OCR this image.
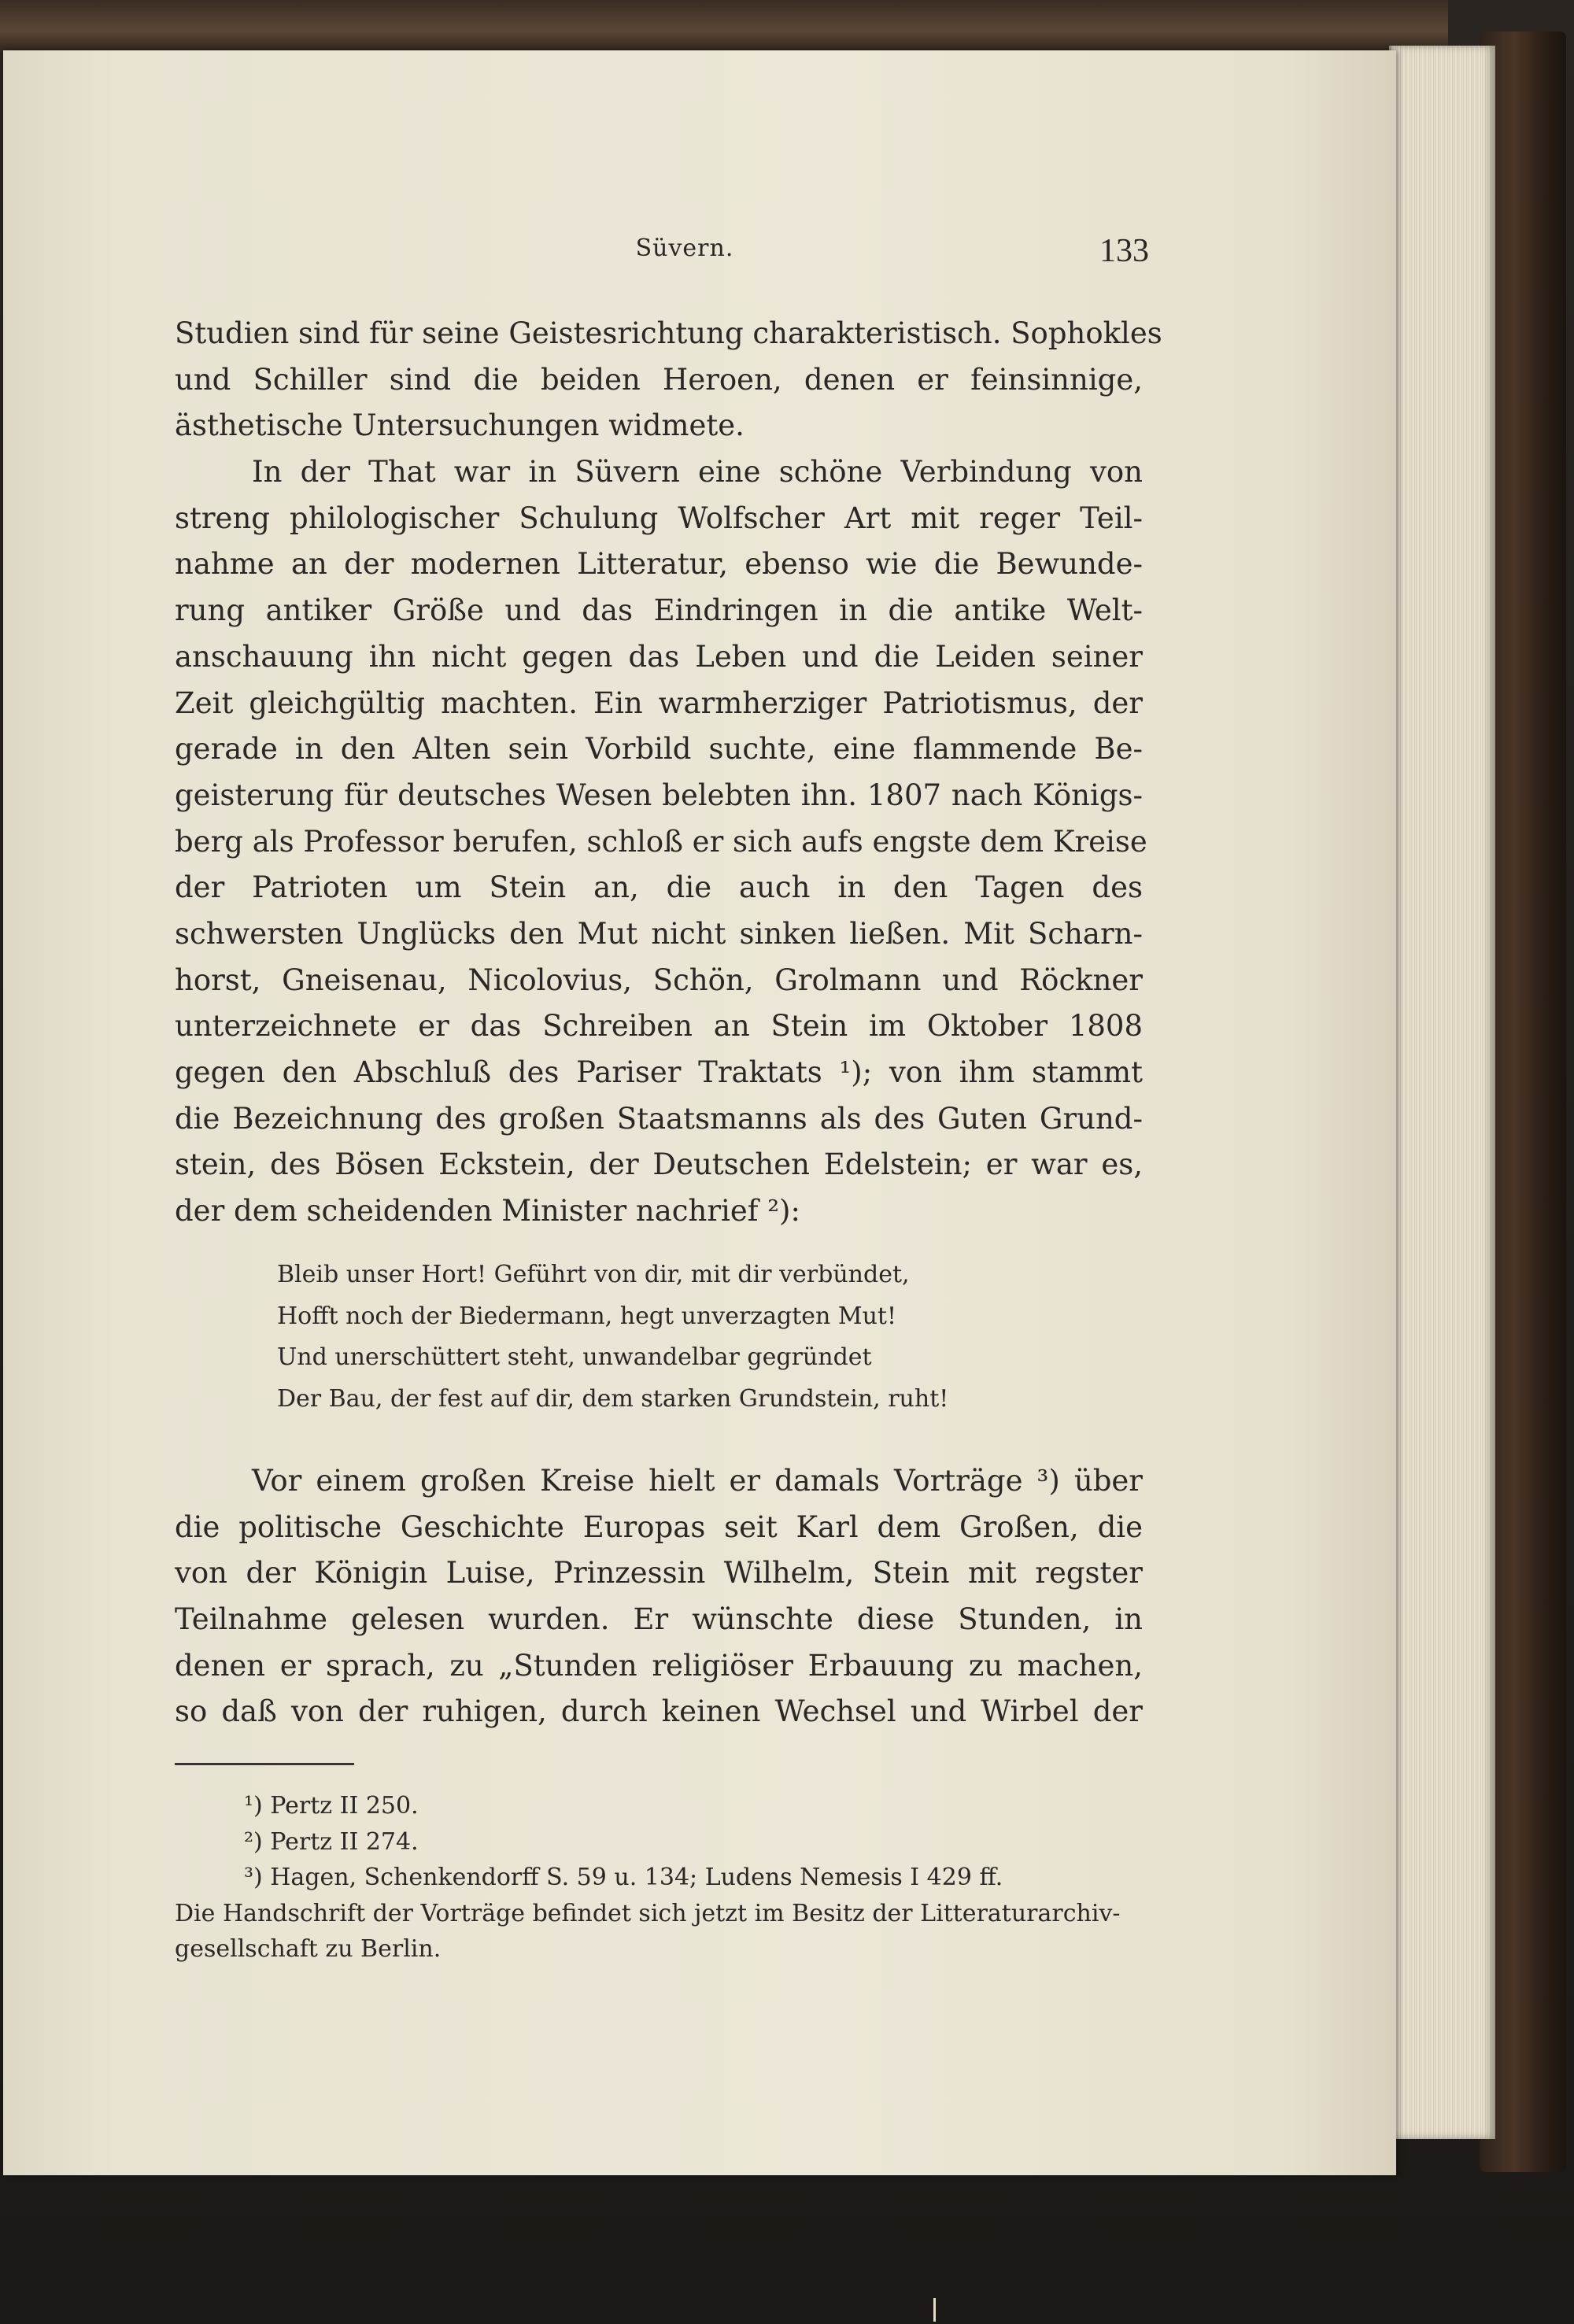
Süvern.	133
Studien sind für seine Geistesrichtung charakteristisch. Sophokles
und Schiller sind die beiden Heroen, denen er feinsinnige,
ästhetische Untersuchungen widmete.
In der That war in Süvern eine schöne Verbindung von
streng philologischer Schulung Wolfscher Art mit reger Teil-
nahme an der modernen Litteratur, ebenso wie die Bewunde-
rung antiker Größe und das Eindringen in die antike Welt-
anschauung ihn nicht gegen das Leben und die Leiden seiner
Zeit gleichgültig machten. Ein warmherziger Patriotismus, der
gerade in den Alten sein Vorbild suchte, eine flammende Be-
geisterung für deutsches Wesen belebten ihn. 1807 nach Königs-
berg als Professor berufen, schloß er sich aufs engste dem Kreise
der Patrioten um Stein an, die auch in den Tagen des
schwersten Unglücks den Mut nicht sinken ließen. Mit Scharn-
horst, Gneisenau, Nicolovius, Schön, Grolmann und Röckner
unterzeichnete er das Schreiben an Stein im Oktober 1808
gegen den Abschluß des Pariser Traktats ¹); von ihm stammt
die Bezeichnung des großen Staatsmanns als des Guten Grund-
stein, des Bösen Eckstein, der Deutschen Edelstein; er war es,
der dem scheidenden Minister nachrief ²):
Bleib unser Hort! Geführt von dir, mit dir verbündet,
Hofft noch der Biedermann, hegt unverzagten Mut!
Und unerschüttert steht, unwandelbar gegründet
Der Bau, der fest auf dir, dem starken Grundstein, ruht!
Vor einem großen Kreise hielt er damals Vorträge ³) über
die politische Geschichte Europas seit Karl dem Großen, die
von der Königin Luise, Prinzessin Wilhelm, Stein mit regster
Teilnahme gelesen wurden. Er wünschte diese Stunden, in
denen er sprach, zu „Stunden religiöser Erbauung zu machen,
so daß von der ruhigen, durch keinen Wechsel und Wirbel der
¹) Pertz II 250.
²) Pertz II 274.
³) Hagen, Schenkendorff S. 59 u. 134; Ludens Nemesis I 429 ff.
Die Handschrift der Vorträge befindet sich jetzt im Besitz der Litteraturarchiv-
gesellschaft zu Berlin.
